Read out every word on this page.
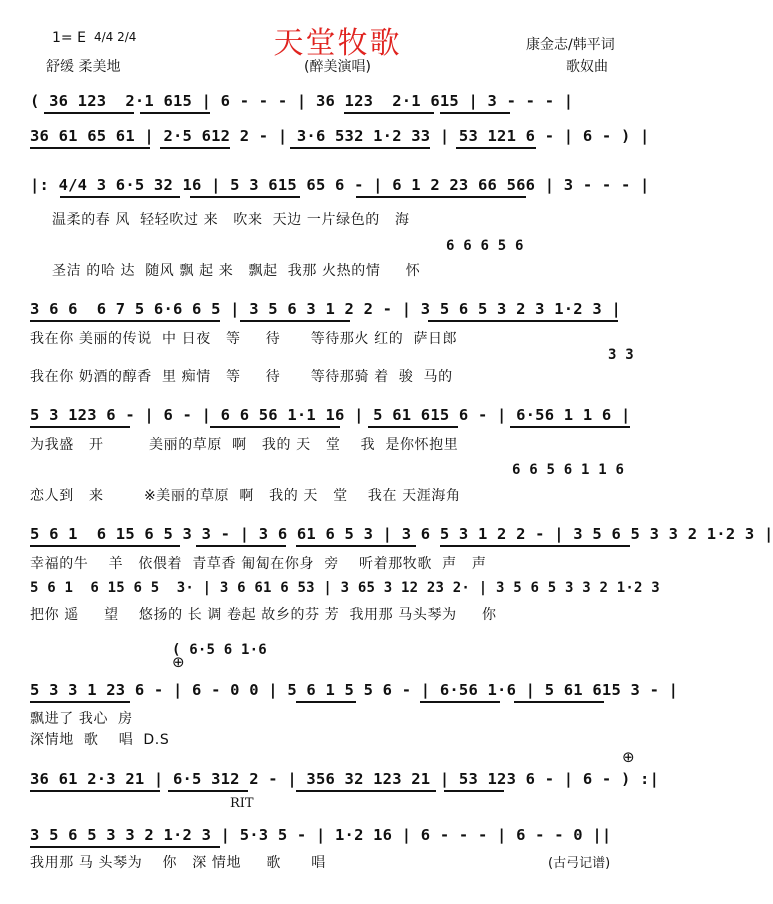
1= E 4/4 2/4	天堂牧歌	康金志/韩平词
舒缓 柔美地	(醉美演唱)	歌奴曲
( 36 123  2·1 615 | 6 - - - | 36 123  2·1 615 | 3 - - - |
36 61 65 61 | 2·5 612 2 - | 3·6 532 1·2 33 | 53 121 6 - | 6 - ) |
|: 4/4 3 6·5 32 16 | 5 3 615 65 6 - | 6 1 2 23 66 566 | 3 - - - |
温柔的春 风  轻轻吹过 来   吹来  天边 一片绿色的   海
6 6 6 5 6
圣洁 的哈 达  随风 飘 起 来   飘起  我那 火热的情     怀
3 6 6  6 7 5 6·6 6 5 | 3 5 6 3 1 2 2 - | 3 5 6 5 3 2 3 1·2 3 |
我在你 美丽的传说  中 日夜   等     待      等待那火 红的  萨日郎
3 3
我在你 奶酒的醇香  里 痴情   等     待      等待那骑 着  骏  马的
5 3 123 6 - | 6 - | 6 6 56 1·1 16 | 5 61 615 6 - | 6·56 1 1 6 |
为我盛   开         美丽的草原  啊   我的 天   堂    我  是你怀抱里
6 6 5 6 1 1 6
恋人到   来        ※美丽的草原  啊   我的 天   堂    我在 天涯海角
5 6 1  6 15 6 5 3 3 - | 3 6 61 6 5 3 | 3 6 5 3 1 2 2 - | 3 5 6 5 3 3 2 1·2 3 |
幸福的牛    羊   依偎着  青草香 匍匐在你身  旁    听着那牧歌  声   声
5 6 1  6 15 6 5  3· | 3 6 61 6 53 | 3 65 3 12 23 2· | 3 5 6 5 3 3 2 1·2 3
把你 遥     望    悠扬的 长 调 卷起 故乡的芬 芳  我用那 马头琴为     你
( 6·5 6 1·6
⊕
5 3 3 1 23 6 - | 6 - 0 0 | 5 6 1 5 5 6 - | 6·56 1·6 | 5 61 615 3 - |
飘进了 我心  房
深情地  歌    唱  D.S
⊕
36 61 2·3 21 | 6·5 312 2 - | 356 32 123 21 | 53 123 6 - | 6 - ) :|
RIT
3 5 6 5 3 3 2 1·2 3 | 5·3 5 - | 1·2 16 | 6 - - - | 6 - - 0 ||
我用那 马 头琴为    你   深 情地     歌      唱	(古弓记谱)
